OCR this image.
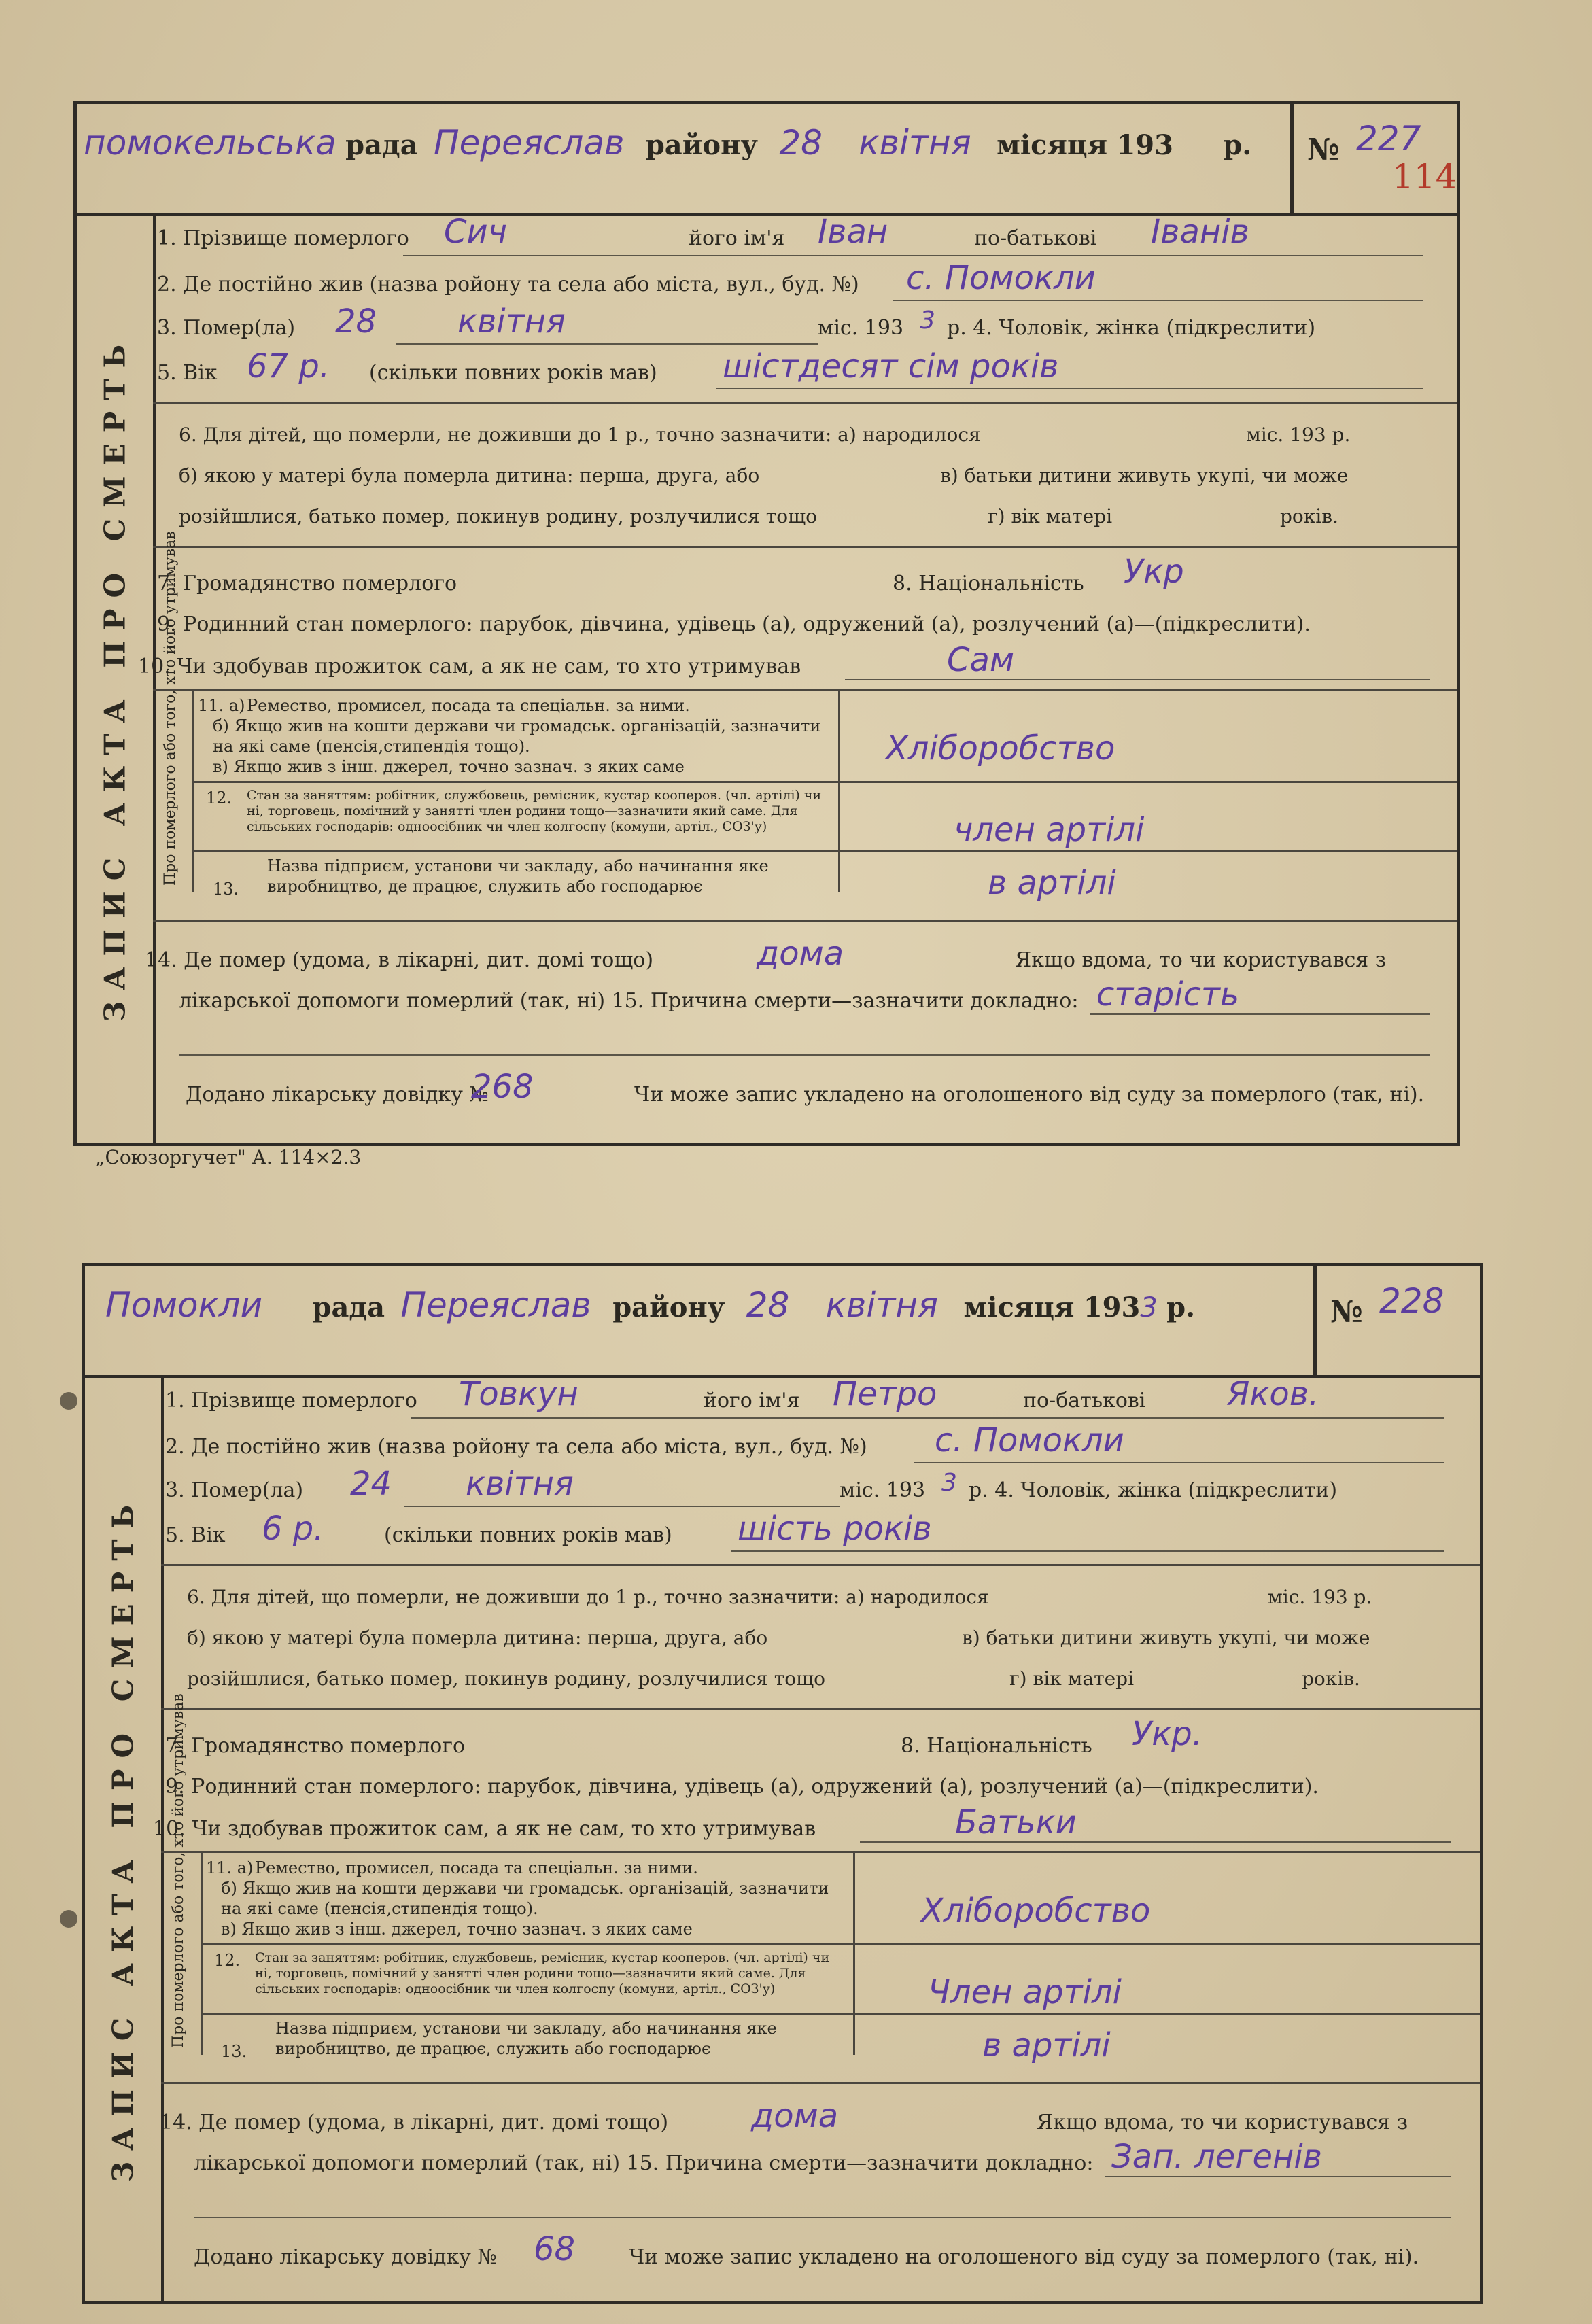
помокельська рада Переяслав району 28 квітня місяця 193 р. № 227
114
ЗАПИС АКТА ПРО СМЕРТЬ
1. Прізвище померлого Сич	його ім'я Іван	по-батькові Іванів
2. Де постійно жив (назва ройону та села або міста, вул., буд. №) с. Помокли
3. Помер(ла) 28 квітня	міс. 193 3 р. 4. Чоловік, жінка (підкреслити)
5. Вік 67 р. (скільки повних років мав) шістдесят сім років
6. Для дітей, що померли, не доживши до 1 р., точно зазначити: а) народилося	міс. 193 р.
б) якою у матері була померла дитина: перша, друга, або	в) батьки дитини живуть укупі, чи може
розійшлися, батько помер, покинув родину, розлучилися тощо	г) вік матері	років.
7. Громадянство померлого	8. Національність Укр
9. Родинний стан померлого: парубок, дівчина, удівець (а), одружений (а), розлучений (а)—(підкреслити).
10. Чи здобував прожиток сам, а як не сам, то хто утримував	Сам
Про померлого або того, хто його утримував 11. а) Ремество, промисел, посада та спеціальн. за ними.
б) Якщо жив на кошти держави чи громадськ. організацій, зазначити на які саме (пенсія,стипендія тощо).
в) Якщо жив з інш. джерел, точно зазнач. з яких саме	Хліборобство
12. Стан за заняттям: робітник, службовець, ремісник, кустар кооперов. (чл. артілі) чи ні, торговець, помічний у занятті член родини тощо—зазначити який саме. Для сільських господарів: одноосібник чи член колгоспу (комуни, артіл., СОЗ'у)	член артілі
13.
Назва підприєм, установи чи закладу, або начинання яке виробництво, де працює, служить або господарює	в артілі
14. Де помер (удома, в лікарні, дит. домі тощо)	дома	Якщо вдома, то чи користувався з
лікарської допомоги померлий (так, ні) 15. Причина смерти—зазначити докладно: старість
Додано лікарську довідку №
268	Чи може запис укладено на оголошеного від суду за померлого (так, ні).
„Союзоргучет" А. 114×2.3
Помокли рада Переяслав району 28 квітня місяця 1933 р.	№ 228
ЗАПИС АКТА ПРО СМЕРТЬ
1. Прізвище померлого Товкун	його ім'я Петро	по-батькові Яков.
2. Де постійно жив (назва ройону та села або міста, вул., буд. №) с. Помокли
3. Помер(ла) 24 квітня	міс. 193 3 р. 4. Чоловік, жінка (підкреслити)
5. Вік 6 р.	(скільки повних років мав) шість років
6. Для дітей, що померли, не доживши до 1 р., точно зазначити: а) народилося	міс. 193 р.
б) якою у матері була померла дитина: перша, друга, або	в) батьки дитини живуть укупі, чи може
розійшлися, батько помер, покинув родину, розлучилися тощо	г) вік матері	років.
7. Громадянство померлого	8. Національність Укр.
9. Родинний стан померлого: парубок, дівчина, удівець (а), одружений (а), розлучений (а)—(підкреслити).
10. Чи здобував прожиток сам, а як не сам, то хто утримував	Батьки
Про померлого або того, хто його утримував 11. а) Ремество, промисел, посада та спеціальн. за ними.
б) Якщо жив на кошти держави чи громадськ. організацій, зазначити на які саме (пенсія,стипендія тощо).
в) Якщо жив з інш. джерел, точно зазнач. з яких саме	Хліборобство
12. Стан за заняттям: робітник, службовець, ремісник, кустар кооперов. (чл. артілі) чи ні, торговець, помічний у занятті член родини тощо—зазначити який саме. Для сільських господарів: одноосібник чи член колгоспу (комуни, артіл., СОЗ'у)	Член артілі
13.
Назва підприєм, установи чи закладу, або начинання яке виробництво, де працює, служить або господарює	в артілі
14. Де помер (удома, в лікарні, дит. домі тощо)	дома	Якщо вдома, то чи користувався з
лікарської допомоги померлий (так, ні) 15. Причина смерти—зазначити докладно: Зап. легенів
Додано лікарську довідку № 68	Чи може запис укладено на оголошеного від суду за померлого (так, ні).
